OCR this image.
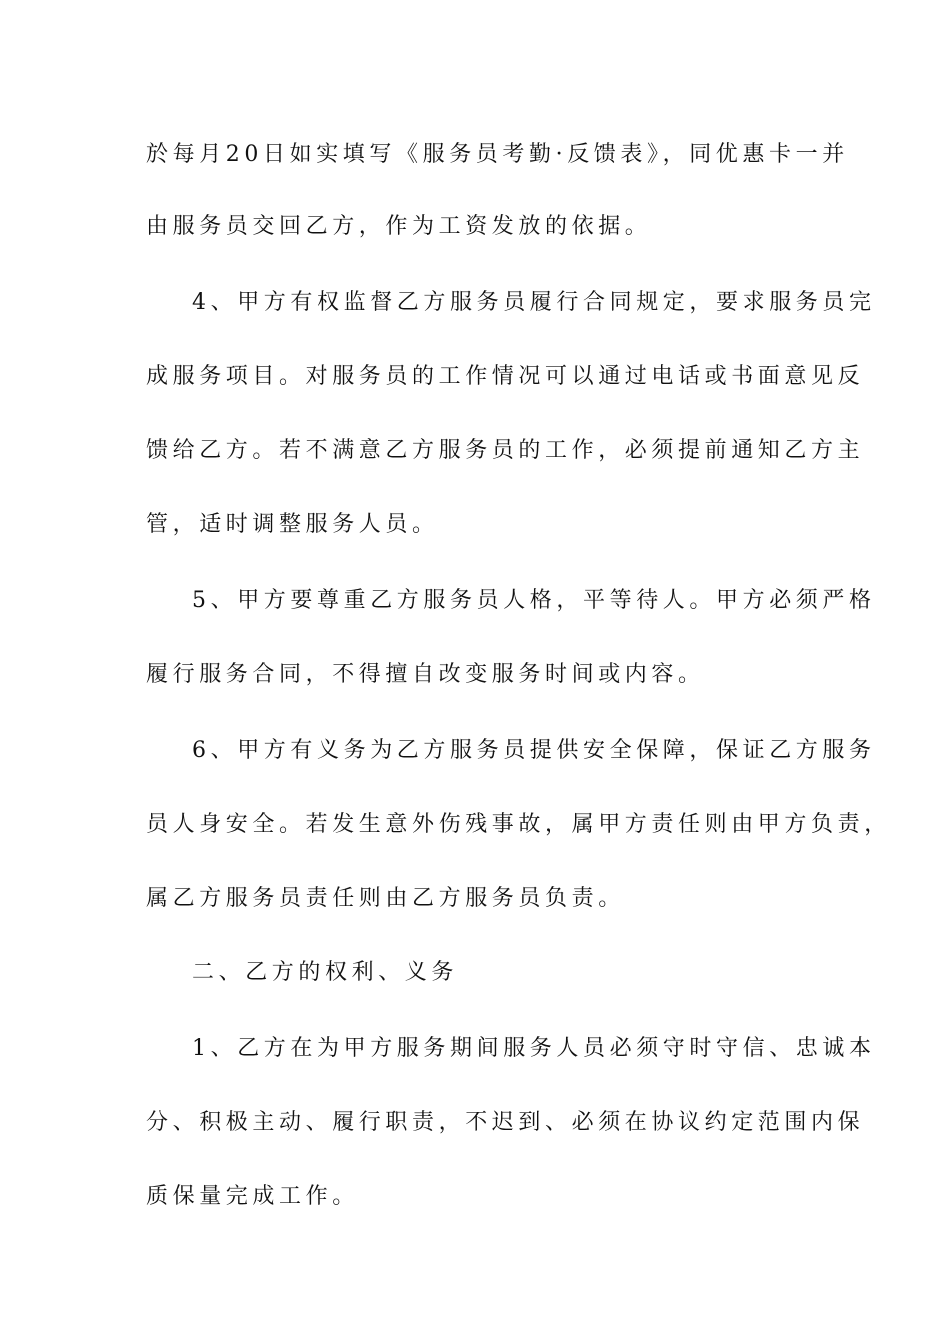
於每月20日如实填写《服务员考勤·反馈表》，同优惠卡一并
由服务员交回乙方，作为工资发放的依据。
4、甲方有权监督乙方服务员履行合同规定，要求服务员完
成服务项目。对服务员的工作情况可以通过电话或书面意见反
馈给乙方。若不满意乙方服务员的工作，必须提前通知乙方主
管，适时调整服务人员。
5、甲方要尊重乙方服务员人格，平等待人。甲方必须严格
履行服务合同，不得擅自改变服务时间或内容。
6、甲方有义务为乙方服务员提供安全保障，保证乙方服务
员人身安全。若发生意外伤残事故，属甲方责任则由甲方负责，
属乙方服务员责任则由乙方服务员负责。
二、乙方的权利、义务
1、乙方在为甲方服务期间服务人员必须守时守信、忠诚本
分、积极主动、履行职责，不迟到、必须在协议约定范围内保
质保量完成工作。
